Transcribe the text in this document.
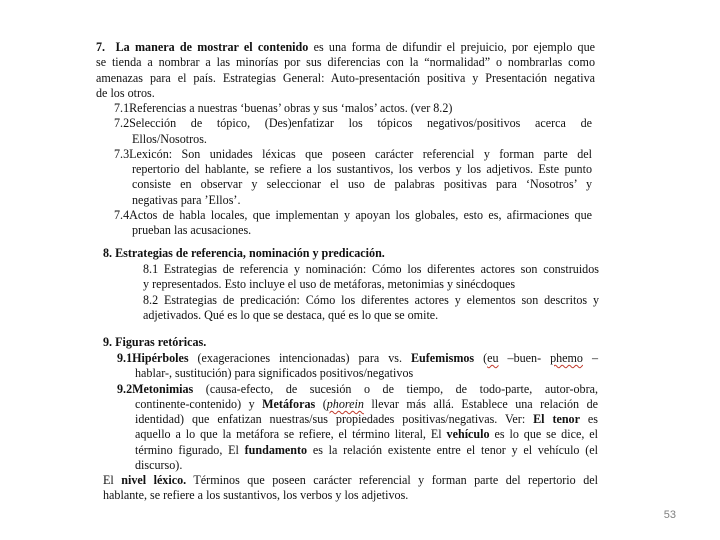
7. La manera de mostrar el contenido es una forma de difundir el prejuicio, por ejemplo que
se tienda a nombrar a las minorías por sus diferencias con la “normalidad” o nombrarlas como
amenazas para el país. Estrategias General: Auto-presentación positiva y Presentación negativa
de los otros.
7.1Referencias a nuestras ‘buenas’ obras y sus ‘malos’ actos. (ver 8.2)
7.2Selección de tópico, (Des)enfatizar los tópicos negativos/positivos acerca de
Ellos/Nosotros.
7.3Lexicón: Son unidades léxicas que poseen carácter referencial y forman parte del
repertorio del hablante, se refiere a los sustantivos, los verbos y los adjetivos. Este punto
consiste en observar y seleccionar el uso de palabras positivas para ‘Nosotros’ y
negativas para ’Ellos’.
7.4Actos de habla locales, que implementan y apoyan los globales, esto es, afirmaciones que
prueban las acusaciones.
8. Estrategias de referencia, nominación y predicación.
8.1 Estrategias de referencia y nominación: Cómo los diferentes actores son construidos
y representados. Esto incluye el uso de metáforas, metonimias y sinécdoques
8.2 Estrategias de predicación: Cómo los diferentes actores y elementos son descritos y
adjetivados. Qué es lo que se destaca, qué es lo que se omite.
9. Figuras retóricas.
9.1Hipérboles (exageraciones intencionadas) para vs. Eufemismos (eu –buen- phemo –
hablar-, sustitución) para significados positivos/negativos
9.2Metonimias (causa-efecto, de sucesión o de tiempo, de todo-parte, autor-obra,
continente-contenido) y Metáforas (phorein llevar más allá. Establece una relación de
identidad) que enfatizan nuestras/sus propiedades positivas/negativas. Ver: El tenor es
aquello a lo que la metáfora se refiere, el término literal, El vehículo es lo que se dice, el
término figurado, El fundamento es la relación existente entre el tenor y el vehículo (el
discurso).
El nivel léxico. Términos que poseen carácter referencial y forman parte del repertorio del
hablante, se refiere a los sustantivos, los verbos y los adjetivos.
53
